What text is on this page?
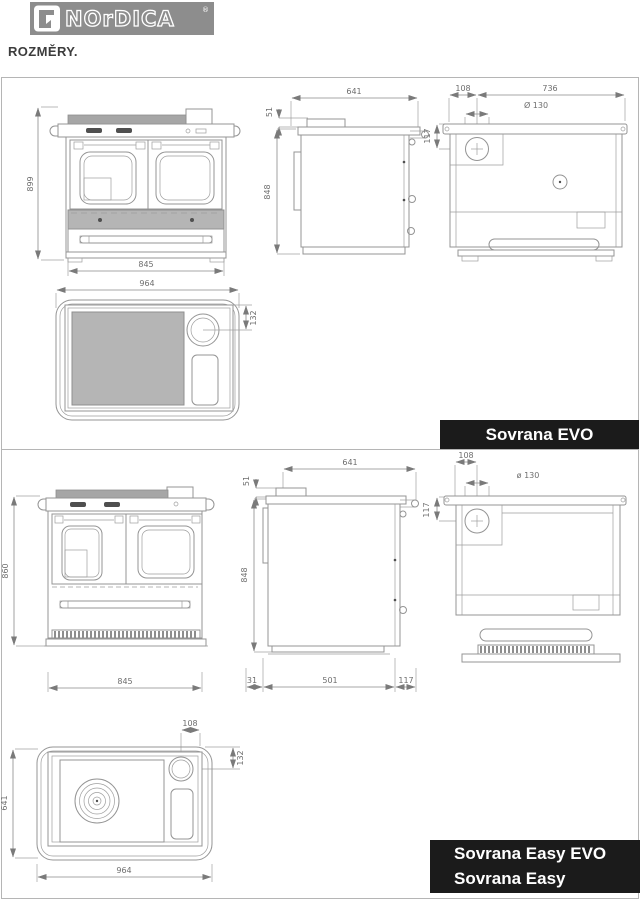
NOrDICA	®
ROZMĚRY.
899
845
641
51
848
108	736
Ø 130
117
964
132
Sovrana EVO
860
845
641
51
848
31	501	117
108
ø 130
117
108
132
641
964
Sovrana Easy EVO
Sovrana Easy
